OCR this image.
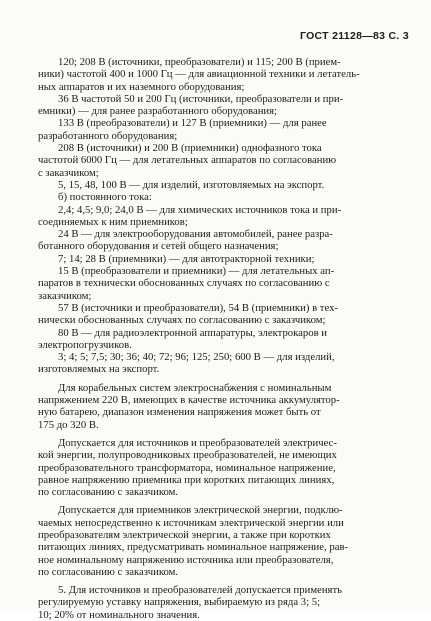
ГОСТ 21128—83 С. 3
120; 208 В (источники, преобразователи) и 115; 200 В (прием-
ники) частотой 400 и 1000 Гц — для авиационной техники и летатель-
ных аппаратов и их наземного оборудования;
36 В частотой 50 и 200 Гц (источники, преобразователи и при-
емники) — для ранее разработанного оборудования;
133 В (преобразователи) и 127 В (приемники) — для ранее
разработанного оборудования;
208 В (источники) и 200 В (приемники) однофазного тока
частотой 6000 Гц — для летательных аппаратов по согласованию
с заказчиком;
5, 15, 48, 100 В — для изделий, изготовляемых на экспорт.
б) постоянного тока:
2,4; 4,5; 9,0; 24,0 В — для химических источников тока и при-
соединяемых к ним приемников;
24 В — для электрооборудования автомобилей, ранее разра-
ботанного оборудования и сетей общего назначения;
7; 14; 28 В (приемники) — для автотракторной техники;
15 В (преобразователи и приемники) — для летательных ап-
паратов в технически обоснованных случаях по согласованию с
заказчиком;
57 В (источники и преобразователи), 54 В (приемники) в тех-
нически обоснованных случаях по согласованию с заказчиком;
80 В — для радиоэлектронной аппаратуры, электрокаров и
электропогрузчиков.
3; 4; 5; 7,5; 30; 36; 40; 72; 96; 125; 250; 600 В — для изделий,
изготовляемых на экспорт.
Для корабельных систем электроснабжения с номинальным
напряжением 220 В, имеющих в качестве источника аккумулятор-
ную батарею, диапазон изменения напряжения может быть от
175 до 320 В.
Допускается для источников и преобразователей электричес-
кой энергии, полупроводниковых преобразователей, не имеющих
преобразовательного трансформатора, номинальное напряжение,
равное напряжению приемника при коротких питающих линиях,
по согласованию с заказчиком.
Допускается для приемников электрической энергии, подклю-
чаемых непосредственно к источникам электрической энергии или
преобразователям электрической энергии, а также при коротких
питающих линиях, предусматривать номинальное напряжение, рав-
ное номинальному напряжению источника или преобразователя,
по согласованию с заказчиком.
5. Для источников и преобразователей допускается применять
регулируемую уставку напряжения, выбираемую из ряда 3; 5;
10; 20% от номинального значения.
